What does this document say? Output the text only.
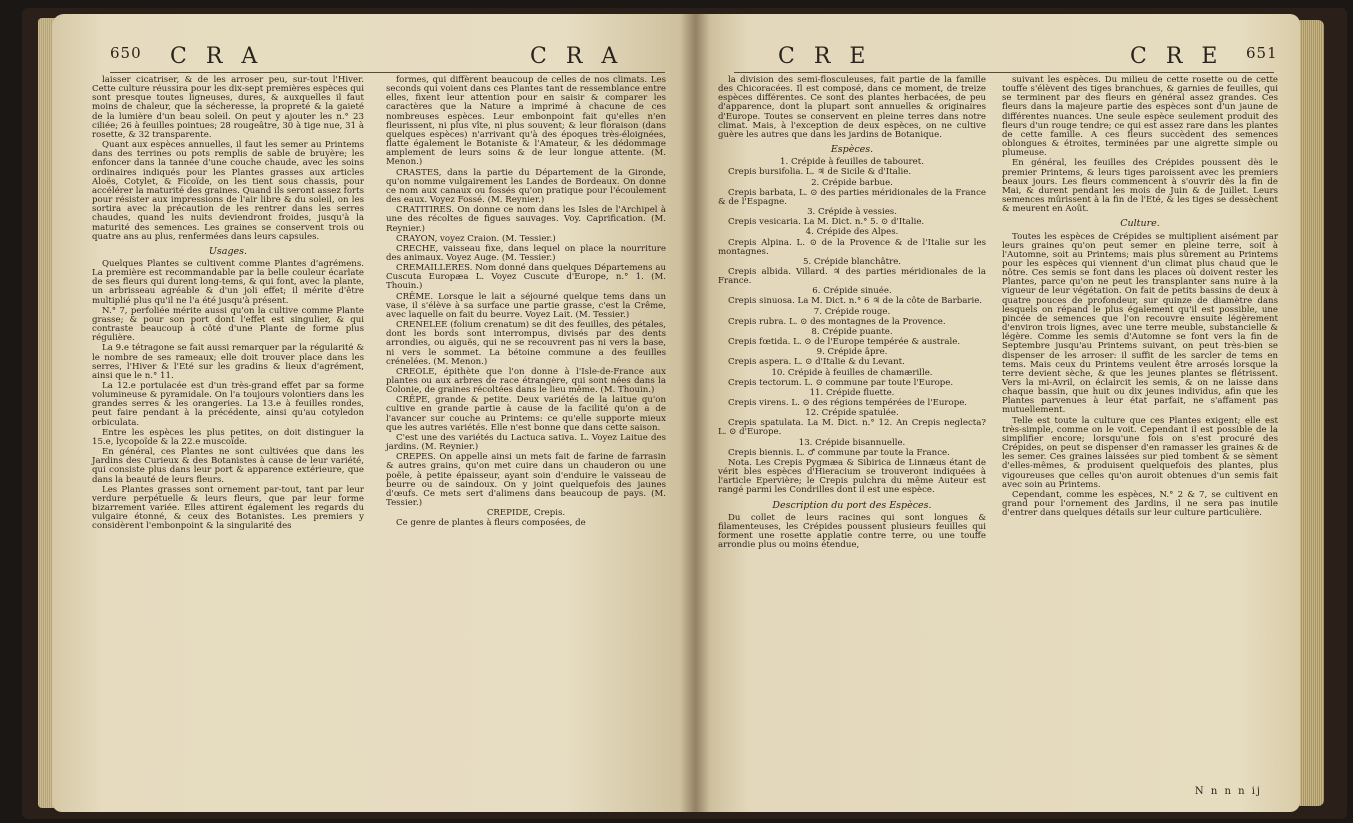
650 C R A	C R A

laisser cicatriser, & de les arroser peu, sur-tout l'Hiver. Cette culture réussira pour les dix-sept premières espèces qui sont presque toutes ligneuses, dures, & auxquelles il faut moins de chaleur, que la sécheresse, la propreté & la gaieté de la lumière d'un beau soleil. On peut y ajouter les n.° 23 ciliée; 26 à feuilles pointues; 28 rougeâtre, 30 à tige nue, 31 à rosette, & 32 transparente.

Quant aux espèces annuelles, il faut les semer au Printems dans des terrines ou pots remplis de sable de bruyère; les enfoncer dans la tannée d'une couche chaude, avec les soins ordinaires indiqués pour les Plantes grasses aux articles Aloës, Cotylet, & Ficoïde, on les tient sous chassis, pour accélérer la maturité des graines. Quand ils seront assez forts pour résister aux impressions de l'air libre & du soleil, on les sortira avec la précaution de les rentrer dans les serres chaudes, quand les nuits deviendront froides, jusqu'à la maturité des semences. Les graines se conservent trois ou quatre ans au plus, renfermées dans leurs capsules.

Usages.

Quelques Plantes se cultivent comme Plantes d'agrémens. La première est recommandable par la belle couleur écarlate de ses fleurs qui durent long-tems, & qui font, avec la plante, un arbrisseau agréable & d'un joli effet; il mérite d'être multiplié plus qu'il ne l'a été jusqu'à présent.

N.° 7, perfoliée mérite aussi qu'on la cultive comme Plante grasse; & pour son port dont l'effet est singulier, & qui contraste beaucoup à côté d'une Plante de forme plus régulière.

La 9.e tétragone se fait aussi remarquer par la régularité & le nombre de ses rameaux; elle doit trouver place dans les serres, l'Hiver & l'Eté sur les gradins & lieux d'agrément, ainsi que le n.° 11.

La 12.e portulacée est d'un très-grand effet par sa forme volumineuse & pyramidale. On l'a toujours volontiers dans les grandes serres & les orangeries. La 13.e à feuilles rondes, peut faire pendant à la précédente, ainsi qu'au cotyledon orbiculata.

Entre les espèces les plus petites, on doit distinguer la 15.e, lycopoïde & la 22.e muscoïde.

En général, ces Plantes ne sont cultivées que dans les Jardins des Curieux & des Botanistes à cause de leur variété, qui consiste plus dans leur port & apparence extérieure, que dans la beauté de leurs fleurs.

Les Plantes grasses sont ornement par-tout, tant par leur verdure perpétuelle & leurs fleurs, que par leur forme bizarrement variée. Elles attirent également les regards du vulgaire étonné, & ceux des Botanistes. Les premiers y considèrent l'embonpoint & la singularité des

formes, qui diffèrent beaucoup de celles de nos climats. Les seconds qui voient dans ces Plantes tant de ressemblance entre elles, fixent leur attention pour en saisir & comparer les caractères que la Nature a imprimé à chacune de ces nombreuses espèces. Leur embonpoint fait qu'elles n'en fleurissent, ni plus vîte, ni plus souvent; & leur floraison (dans quelques espèces) n'arrivant qu'à des époques très-éloignées, flatte également le Botaniste & l'Amateur, & les dédommage amplement de leurs soins & de leur longue attente. (M. Menon.)

CRASTES, dans la partie du Département de la Gironde, qu'on nomme vulgairement les Landes de Bordeaux. On donne ce nom aux canaux ou fossés qu'on pratique pour l'écoulement des eaux. Voyez Fossé. (M. Reynier.)

CRATITIRES. On donne ce nom dans les Isles de l'Archipel à une des récoltes de figues sauvages. Voy. Caprification. (M. Reynier.)

CRAYON, voyez Craion. (M. Tessier.)

CRECHE, vaisseau fixe, dans lequel on place la nourriture des animaux. Voyez Auge. (M. Tessier.)

CREMAILLERES. Nom donné dans quelques Départemens au Cuscuta Europæa L. Voyez Cuscute d'Europe, n.° 1. (M. Thouin.)

CRÊME. Lorsque le lait a séjourné quelque tems dans un vase, il s'élève à sa surface une partie grasse, c'est la Crême, avec laquelle on fait du beurre. Voyez Lait. (M. Tessier.)

CRENELEE (folium crenatum) se dit des feuilles, des pétales, dont les bords sont interrompus, divisés par des dents arrondies, ou aiguës, qui ne se recouvrent pas ni vers la base, ni vers le sommet. La bétoine commune a des feuilles crénelées. (M. Menon.)

CREOLE, épithète que l'on donne à l'Isle-de-France aux plantes ou aux arbres de race étrangère, qui sont nées dans la Colonie, de graines récoltées dans le lieu même. (M. Thouin.)

CRÊPE, grande & petite. Deux variétés de la laitue qu'on cultive en grande partie à cause de la facilité qu'on a de l'avancer sur couche au Printems: ce qu'elle supporte mieux que les autres variétés. Elle n'est bonne que dans cette saison.

C'est une des variétés du Lactuca sativa. L. Voyez Laitue des jardins. (M. Reynier.)

CREPES. On appelle ainsi un mets fait de farine de farrasin & autres grains, qu'on met cuire dans un chauderon ou une poële, à petite épaisseur, ayant soin d'enduire le vaisseau de beurre ou de saindoux. On y joint quelquefois des jaunes d'œufs. Ce mets sert d'alimens dans beaucoup de pays. (M. Tessier.)

CREPIDE, Crepis.

Ce genre de plantes à fleurs composées, de

C R E	C R E 651

la division des semi-flosculeuses, fait partie de la famille des Chicoracées. Il est composé, dans ce moment, de treize espèces différentes. Ce sont des plantes herbacées, de peu d'apparence, dont la plupart sont annuelles & originaires d'Europe. Toutes se conservent en pleine terres dans notre climat. Mais, à l'exception de deux espèces, on ne cultive guère les autres que dans les jardins de Botanique.

Espèces.

1. Crépide à feuilles de tabouret.

Crepis bursifolia. L. ♃ de Sicile & d'Italie.

2. Crépide barbue.

Crepis barbata, L. ⊙ des parties méridionales de la France & de l'Espagne.

3. Crépide à vessies.

Crepis vesicaria. La M. Dict. n.° 5. ⊙ d'Italie.

4. Crépide des Alpes.

Crepis Alpina. L. ⊙ de la Provence & de l'Italie sur les montagnes.

5. Crépide blanchâtre.

Crepis albida. Villard. ♃ des parties méridionales de la France.

6. Crépide sinuée.

Crepis sinuosa. La M. Dict. n.° 6 ♃ de la côte de Barbarie.

7. Crépide rouge.

Crepis rubra. L. ⊙ des montagnes de la Provence.

8. Crépide puante.

Crepis fœtida. L. ⊙ de l'Europe tempérée & australe.

9. Crépide âpre.

Crepis aspera. L. ⊙ d'Italie & du Levant.

10. Crépide à feuilles de chamærille.

Crepis tectorum. L. ⊙ commune par toute l'Europe.

11. Crépide fluette.

Crepis virens. L. ⊙ des régions tempérées de l'Europe.

12. Crépide spatulée.

Crepis spatulata. La M. Dict. n.° 12. An Crepis neglecta? L. ⊙ d'Europe.

13. Crépide bisannuelle.

Crepis biennis. L. ♂ commune par toute la France.

Nota. Les Crepis Pygmæa & Sibirica de Linnæus étant de vérit bles espèces d'Hieracium se trouveront indiquées à l'article Epervière; le Crepis pulchra du même Auteur est rangé parmi les Condrilles dont il est une espèce.

Description du port des Espèces.

Du collet de leurs racines qui sont longues & filamenteuses, les Crépides poussent plusieurs feuilles qui forment une rosette applatie contre terre, ou une touffe arrondie plus ou moins étendue,

suivant les espèces. Du milieu de cette rosette ou de cette touffe s'élèvent des tiges branchues, & garnies de feuilles, qui se terminent par des fleurs en général assez grandes. Ces fleurs dans la majeure partie des espèces sont d'un jaune de différentes nuances. Une seule espèce seulement produit des fleurs d'un rouge tendre; ce qui est assez rare dans les plantes de cette famille. A ces fleurs succèdent des semences oblongues & étroites, terminées par une aigrette simple ou plumeuse.

En général, les feuilles des Crépides poussent dès le premier Printems, & leurs tiges paroissent avec les premiers beaux jours. Les fleurs commencent à s'ouvrir dès la fin de Mai, & durent pendant les mois de Juin & de Juillet. Leurs semences mûrissent à la fin de l'Eté, & les tiges se dessèchent & meurent en Août.

Culture.

Toutes les espèces de Crépides se multiplient aisément par leurs graines qu'on peut semer en pleine terre, soit à l'Automne, soit au Printems; mais plus sûrement au Printems pour les espèces qui viennent d'un climat plus chaud que le nôtre. Ces semis se font dans les places où doivent rester les Plantes, parce qu'on ne peut les transplanter sans nuire à la vigueur de leur végétation. On fait de petits bassins de deux à quatre pouces de profondeur, sur quinze de diamètre dans lesquels on répand le plus également qu'il est possible, une pincée de semences que l'on recouvre ensuite légèrement d'environ trois lignes, avec une terre meuble, substancielle & légère. Comme les semis d'Automne se font vers la fin de Septembre jusqu'au Printems suivant, on peut très-bien se dispenser de les arroser: il suffit de les sarcler de tems en tems. Mais ceux du Printems veulent être arrosés lorsque la terre devient sèche, & que les jeunes plantes se flétrissent. Vers la mi-Avril, on éclaircit les semis, & on ne laisse dans chaque bassin, que huit ou dix jeunes individus, afin que les Plantes parvenues à leur état parfait, ne s'affament pas mutuellement.

Telle est toute la culture que ces Plantes exigent; elle est très-simple, comme on le voit. Cependant il est possible de la simplifier encore; lorsqu'une fois on s'est procuré des Crépides, on peut se dispenser d'en ramasser les graines & de les semer. Ces graines laissées sur pied tombent & se sèment d'elles-mêmes, & produisent quelquefois des plantes, plus vigoureuses que celles qu'on auroit obtenues d'un semis fait avec soin au Printems.

Cependant, comme les espèces, N.° 2 & 7, se cultivent en grand pour l'ornement des Jardins, il ne sera pas inutile d'entrer dans quelques détails sur leur culture particulière.

N n n n ij
